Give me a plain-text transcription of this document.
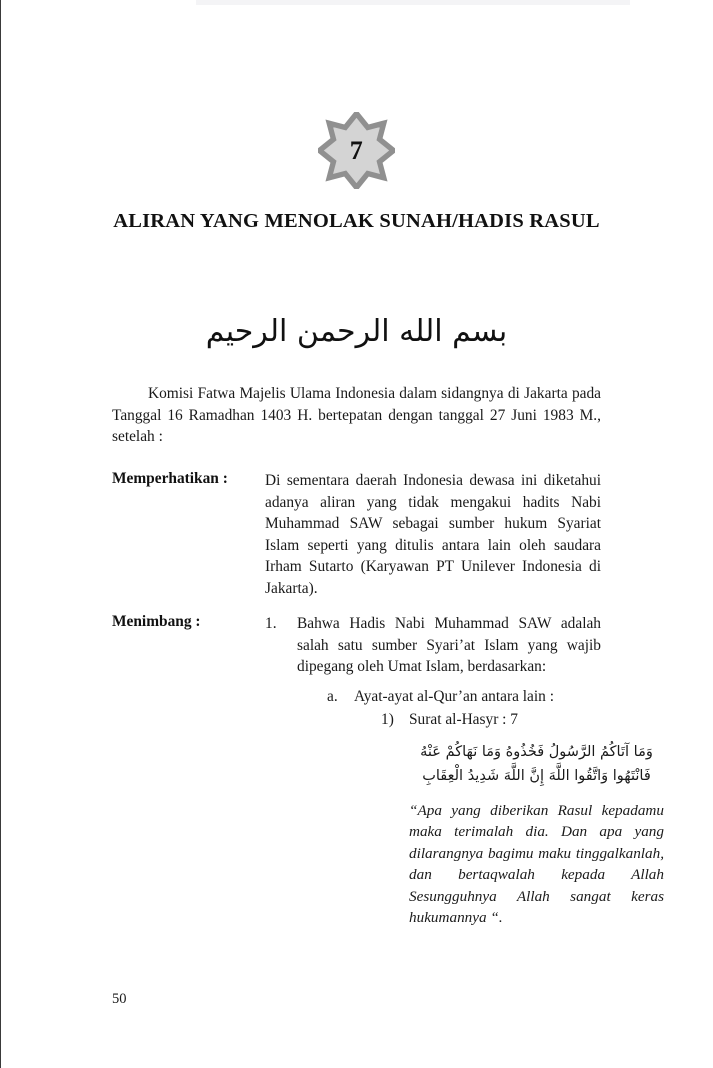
7
ALIRAN YANG MENOLAK SUNAH/HADIS RASUL
بسم الله الرحمن الرحيم
Komisi Fatwa Majelis Ulama Indonesia dalam sidangnya di Jakarta pada Tanggal 16 Ramadhan 1403 H. bertepatan dengan tanggal 27 Juni 1983 M., setelah :
Memperhatikan :	Di sementara daerah Indonesia dewasa ini diketahui adanya aliran yang tidak mengakui hadits Nabi Muhammad SAW sebagai sumber hukum Syariat Islam seperti yang ditulis antara lain oleh saudara Irham Sutarto (Karyawan PT Unilever Indonesia di Jakarta).
Menimbang :	1.	Bahwa Hadis Nabi Muhammad SAW adalah salah satu sumber Syari’at Islam yang wajib dipegang oleh Umat Islam, berdasarkan:
a.	Ayat-ayat al-Qur’an antara lain :
1) Surat al-Hasyr : 7
وَمَا آتَاكُمُ الرَّسُولُ فَخُذُوهُ وَمَا نَهَاكُمْ عَنْهُ
فَانْتَهُوا وَاتَّقُوا اللَّهَ إِنَّ اللَّهَ شَدِيدُ الْعِقَابِ
“Apa yang diberikan Rasul kepadamu maka terimalah dia. Dan apa yang dilarangnya bagimu maku tinggalkanlah, dan bertaqwalah kepada Allah Sesungguhnya Allah sangat keras hukumannya “.
50
